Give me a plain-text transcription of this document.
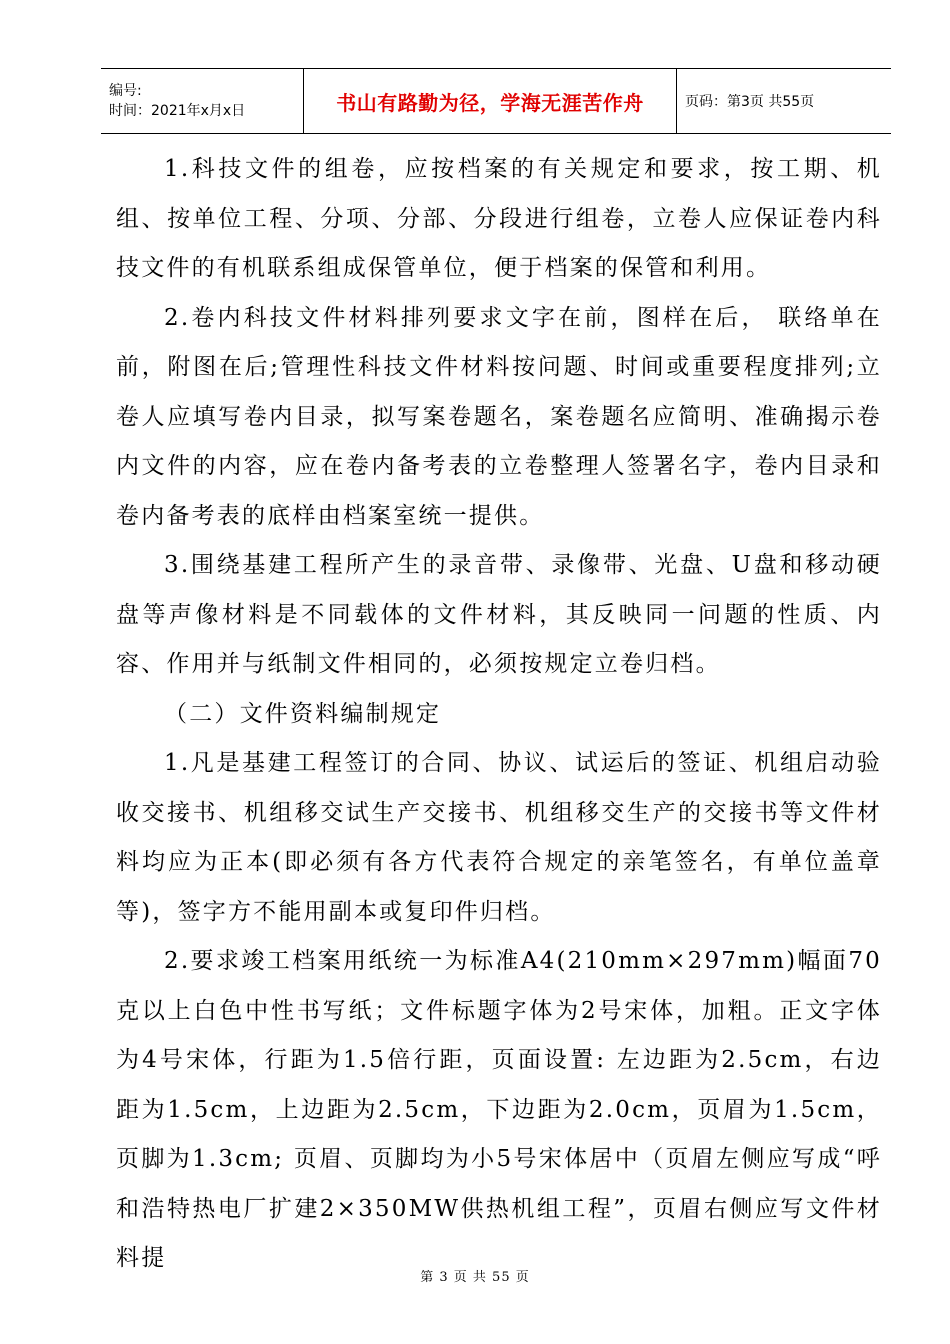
编号:
时间：2021年x月x日	书山有路勤为径，学海无涯苦作舟	页码：第3页 共55页

1.科技文件的组卷，应按档案的有关规定和要求，按工期、机组、按单位工程、分项、分部、分段进行组卷，立卷人应保证卷内科技文件的有机联系组成保管单位，便于档案的保管和利用。

2.卷内科技文件材料排列要求文字在前，图样在后， 联络单在前，附图在后;管理性科技文件材料按问题、时间或重要程度排列;立卷人应填写卷内目录，拟写案卷题名，案卷题名应简明、准确揭示卷内文件的内容，应在卷内备考表的立卷整理人签署名字，卷内目录和卷内备考表的底样由档案室统一提供。

3.围绕基建工程所产生的录音带、录像带、光盘、U盘和移动硬盘等声像材料是不同载体的文件材料，其反映同一问题的性质、内容、作用并与纸制文件相同的，必须按规定立卷归档。

（二）文件资料编制规定

1.凡是基建工程签订的合同、协议、试运后的签证、机组启动验收交接书、机组移交试生产交接书、机组移交生产的交接书等文件材料均应为正本(即必须有各方代表符合规定的亲笔签名，有单位盖章等)，签字方不能用副本或复印件归档。

2.要求竣工档案用纸统一为标准A4(210mm×297mm)幅面70克以上白色中性书写纸；文件标题字体为2号宋体，加粗。正文字体为4号宋体，行距为1.5倍行距，页面设置: 左边距为2.5cm，右边距为1.5cm，上边距为2.5cm，下边距为2.0cm，页眉为1.5cm，页脚为1.3cm; 页眉、页脚均为小5号宋体居中（页眉左侧应写成“呼和浩特热电厂扩建2×350MW供热机组工程”，页眉右侧应写文件材料提

第 3 页 共 55 页
